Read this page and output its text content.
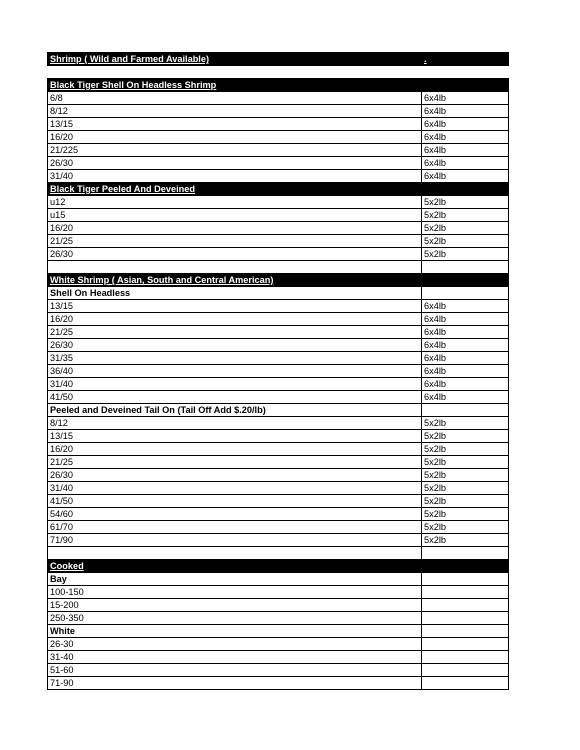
Shrimp ( Wild and Farmed Available)	.

Black Tiger Shell On Headless Shrimp	
6/8	6x4lb
8/12	6x4lb
13/15	6x4lb
16/20	6x4lb
21/225	6x4lb
26/30	6x4lb
31/40	6x4lb
Black Tiger Peeled And Deveined	
u12	5x2lb
u15	5x2lb
16/20	5x2lb
21/25	5x2lb
26/30	5x2lb

White Shrimp ( Asian, South and Central American)	
Shell On Headless	
13/15	6x4lb
16/20	6x4lb
21/25	6x4lb
26/30	6x4lb
31/35	6x4lb
36/40	6x4lb
31/40	6x4lb
41/50	6x4lb
Peeled and Deveined Tail On (Tail Off Add $.20/lb)	
8/12	5x2lb
13/15	5x2lb
16/20	5x2lb
21/25	5x2lb
26/30	5x2lb
31/40	5x2lb
41/50	5x2lb
54/60	5x2lb
61/70	5x2lb
71/90	5x2lb

Cooked	
Bay	
100-150	
15-200	
250-350	
White	
26-30	
31-40	
51-60	
71-90	
